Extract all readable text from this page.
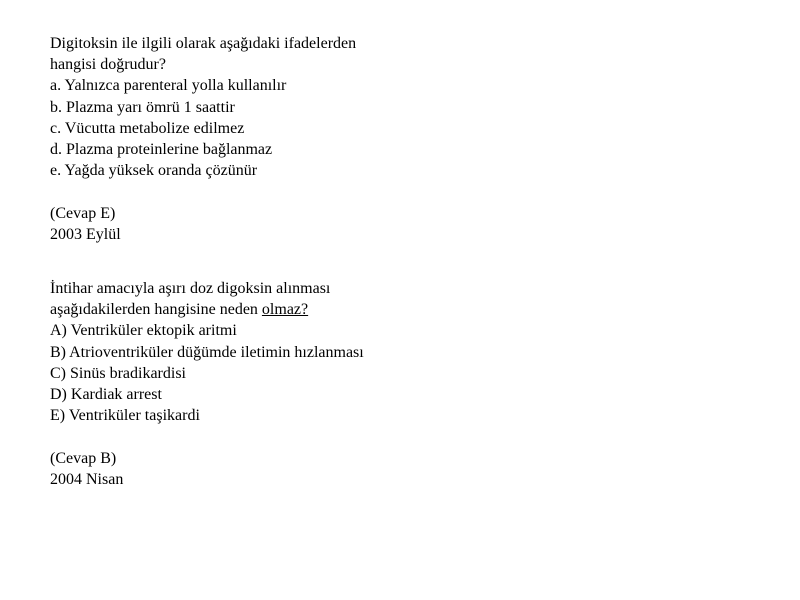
Digitoksin ile ilgili olarak aşağıdaki ifadelerden
hangisi doğrudur?
a. Yalnızca parenteral yolla kullanılır
b. Plazma yarı ömrü 1 saattir
c. Vücutta metabolize edilmez
d. Plazma proteinlerine bağlanmaz
e. Yağda yüksek oranda çözünür
(Cevap E)
2003 Eylül
İntihar amacıyla aşırı doz digoksin alınması
aşağıdakilerden hangisine neden olmaz?
A) Ventriküler ektopik aritmi
B) Atrioventriküler düğümde iletimin hızlanması
C) Sinüs bradikardisi
D) Kardiak arrest
E) Ventriküler taşikardi
(Cevap B)
2004 Nisan
